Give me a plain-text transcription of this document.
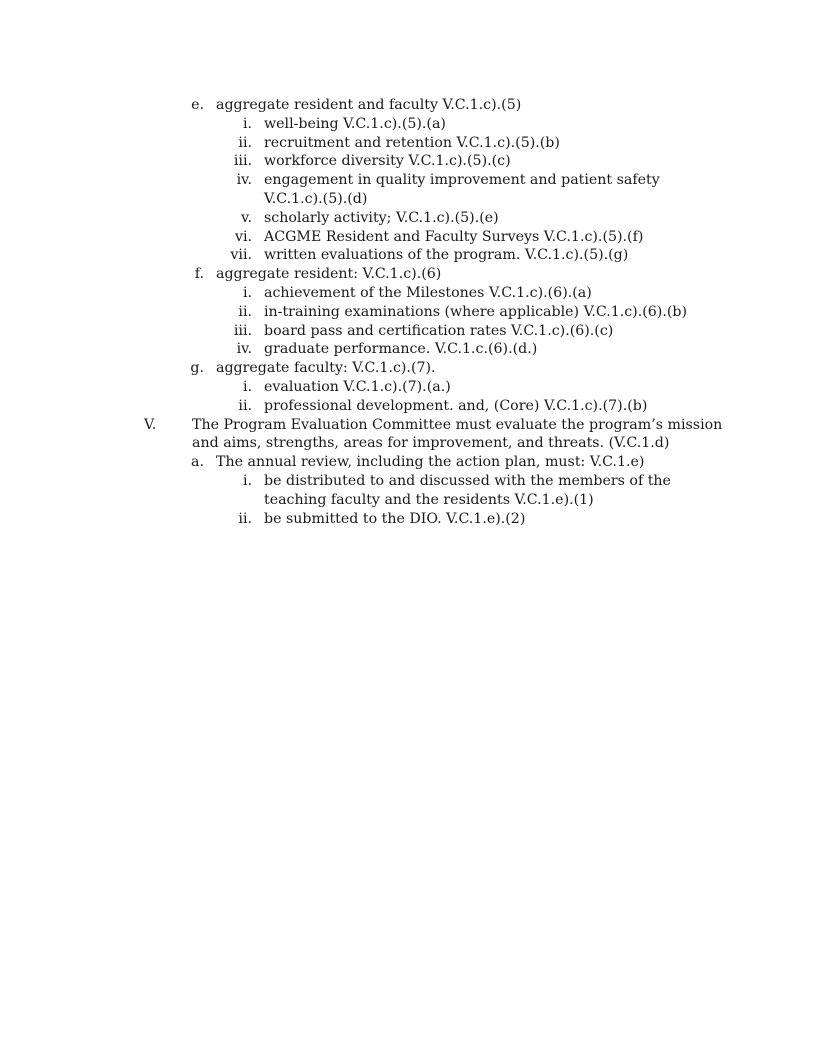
e. aggregate resident and faculty V.C.1.c).(5)
i. well-being V.C.1.c).(5).(a)
ii. recruitment and retention V.C.1.c).(5).(b)
iii. workforce diversity V.C.1.c).(5).(c)
iv. engagement in quality improvement and patient safety
V.C.1.c).(5).(d)
v. scholarly activity; V.C.1.c).(5).(e)
vi. ACGME Resident and Faculty Surveys V.C.1.c).(5).(f)
vii. written evaluations of the program. V.C.1.c).(5).(g)
f. aggregate resident: V.C.1.c).(6)
i. achievement of the Milestones V.C.1.c).(6).(a)
ii. in-training examinations (where applicable) V.C.1.c).(6).(b)
iii. board pass and certification rates V.C.1.c).(6).(c)
iv. graduate performance. V.C.1.c.(6).(d.)
g. aggregate faculty: V.C.1.c).(7).
i. evaluation V.C.1.c).(7).(a.)
ii. professional development. and, (Core) V.C.1.c).(7).(b)
V.	The Program Evaluation Committee must evaluate the program’s mission
and aims, strengths, areas for improvement, and threats. (V.C.1.d)
a. The annual review, including the action plan, must: V.C.1.e)
i. be distributed to and discussed with the members of the
teaching faculty and the residents V.C.1.e).(1)
ii. be submitted to the DIO. V.C.1.e).(2)
